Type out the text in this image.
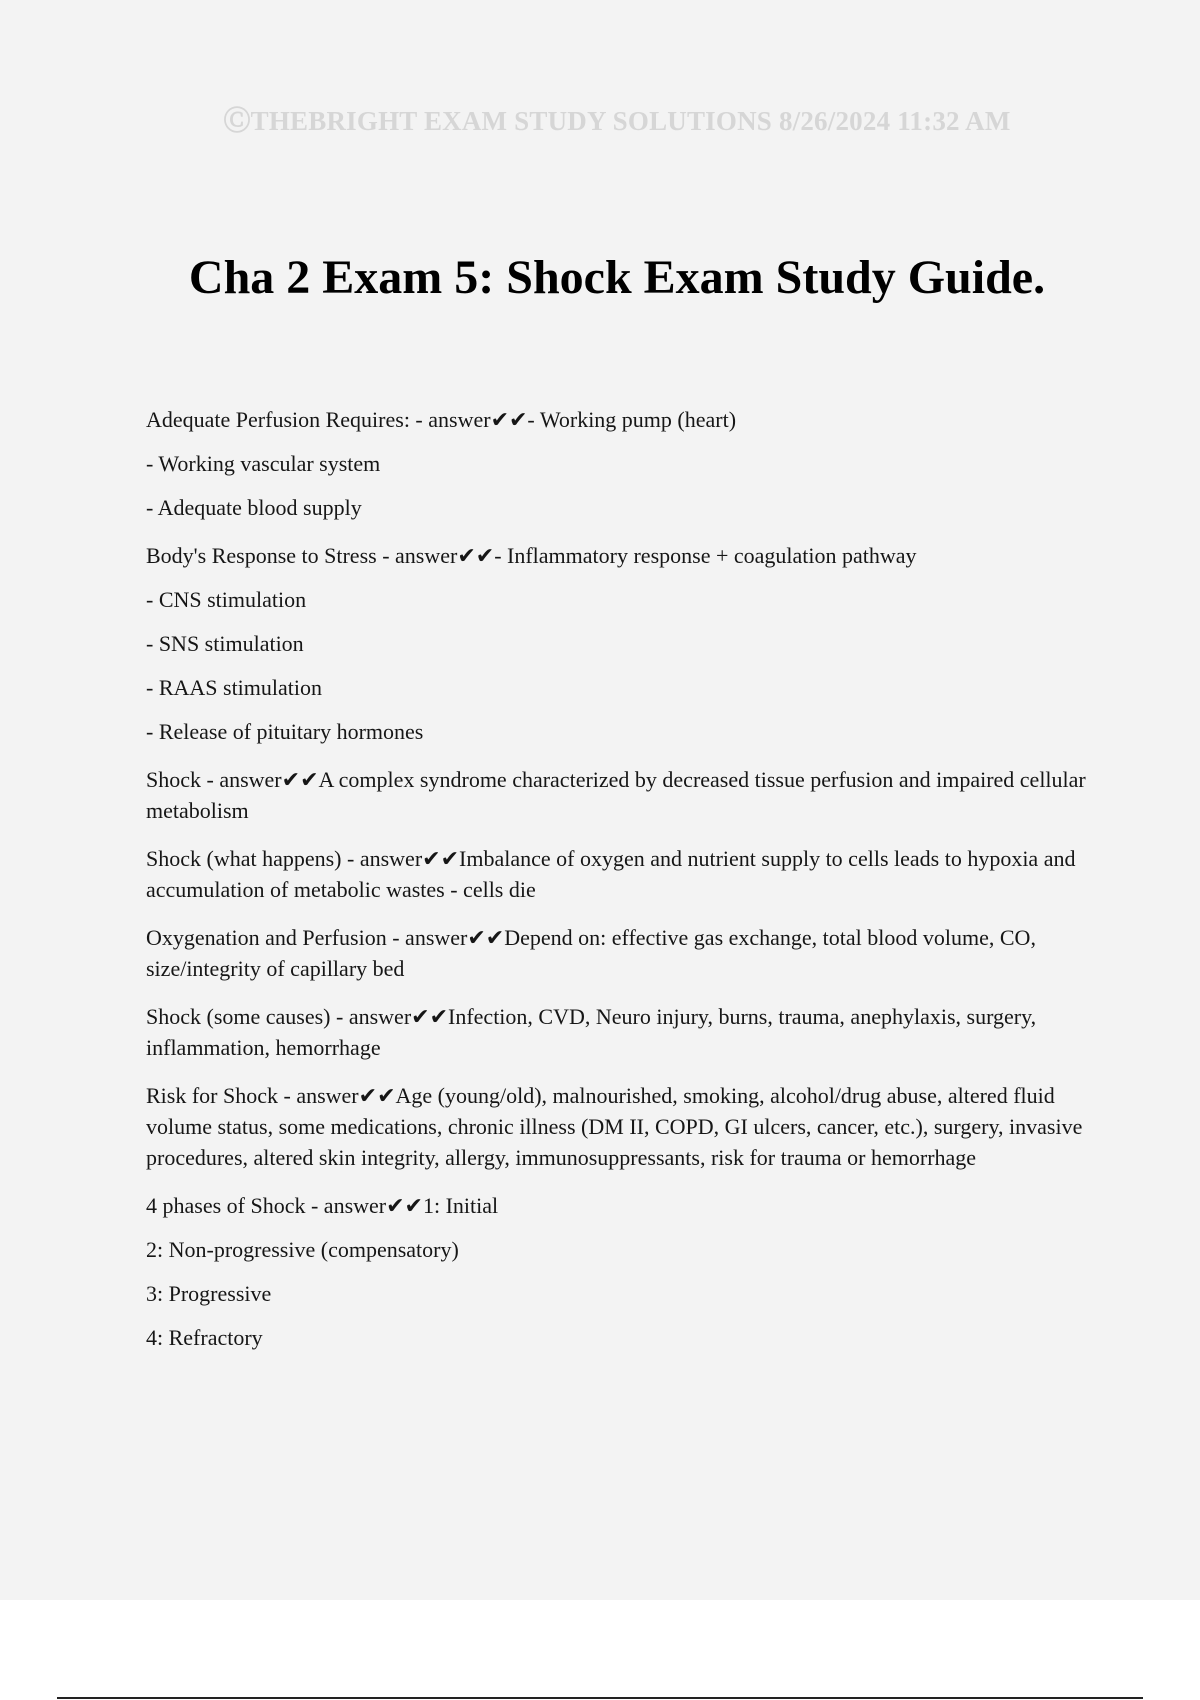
ⒸTHEBRIGHT EXAM STUDY SOLUTIONS 8/26/2024 11:32 AM
Cha 2 Exam 5: Shock Exam Study Guide.

Adequate Perfusion Requires: - answer✔✔- Working pump (heart)

- Working vascular system

- Adequate blood supply

Body's Response to Stress - answer✔✔- Inflammatory response + coagulation pathway

- CNS stimulation

- SNS stimulation

- RAAS stimulation

- Release of pituitary hormones

Shock - answer✔✔A complex syndrome characterized by decreased tissue perfusion and impaired cellular metabolism

Shock (what happens) - answer✔✔Imbalance of oxygen and nutrient supply to cells leads to hypoxia and accumulation of metabolic wastes - cells die

Oxygenation and Perfusion - answer✔✔Depend on: effective gas exchange, total blood volume, CO, size/integrity of capillary bed

Shock (some causes) - answer✔✔Infection, CVD, Neuro injury, burns, trauma, anephylaxis, surgery, inflammation, hemorrhage

Risk for Shock - answer✔✔Age (young/old), malnourished, smoking, alcohol/drug abuse, altered fluid volume status, some medications, chronic illness (DM II, COPD, GI ulcers, cancer, etc.), surgery, invasive procedures, altered skin integrity, allergy, immunosuppressants, risk for trauma or hemorrhage

4 phases of Shock - answer✔✔1: Initial

2: Non-progressive (compensatory)

3: Progressive

4: Refractory
